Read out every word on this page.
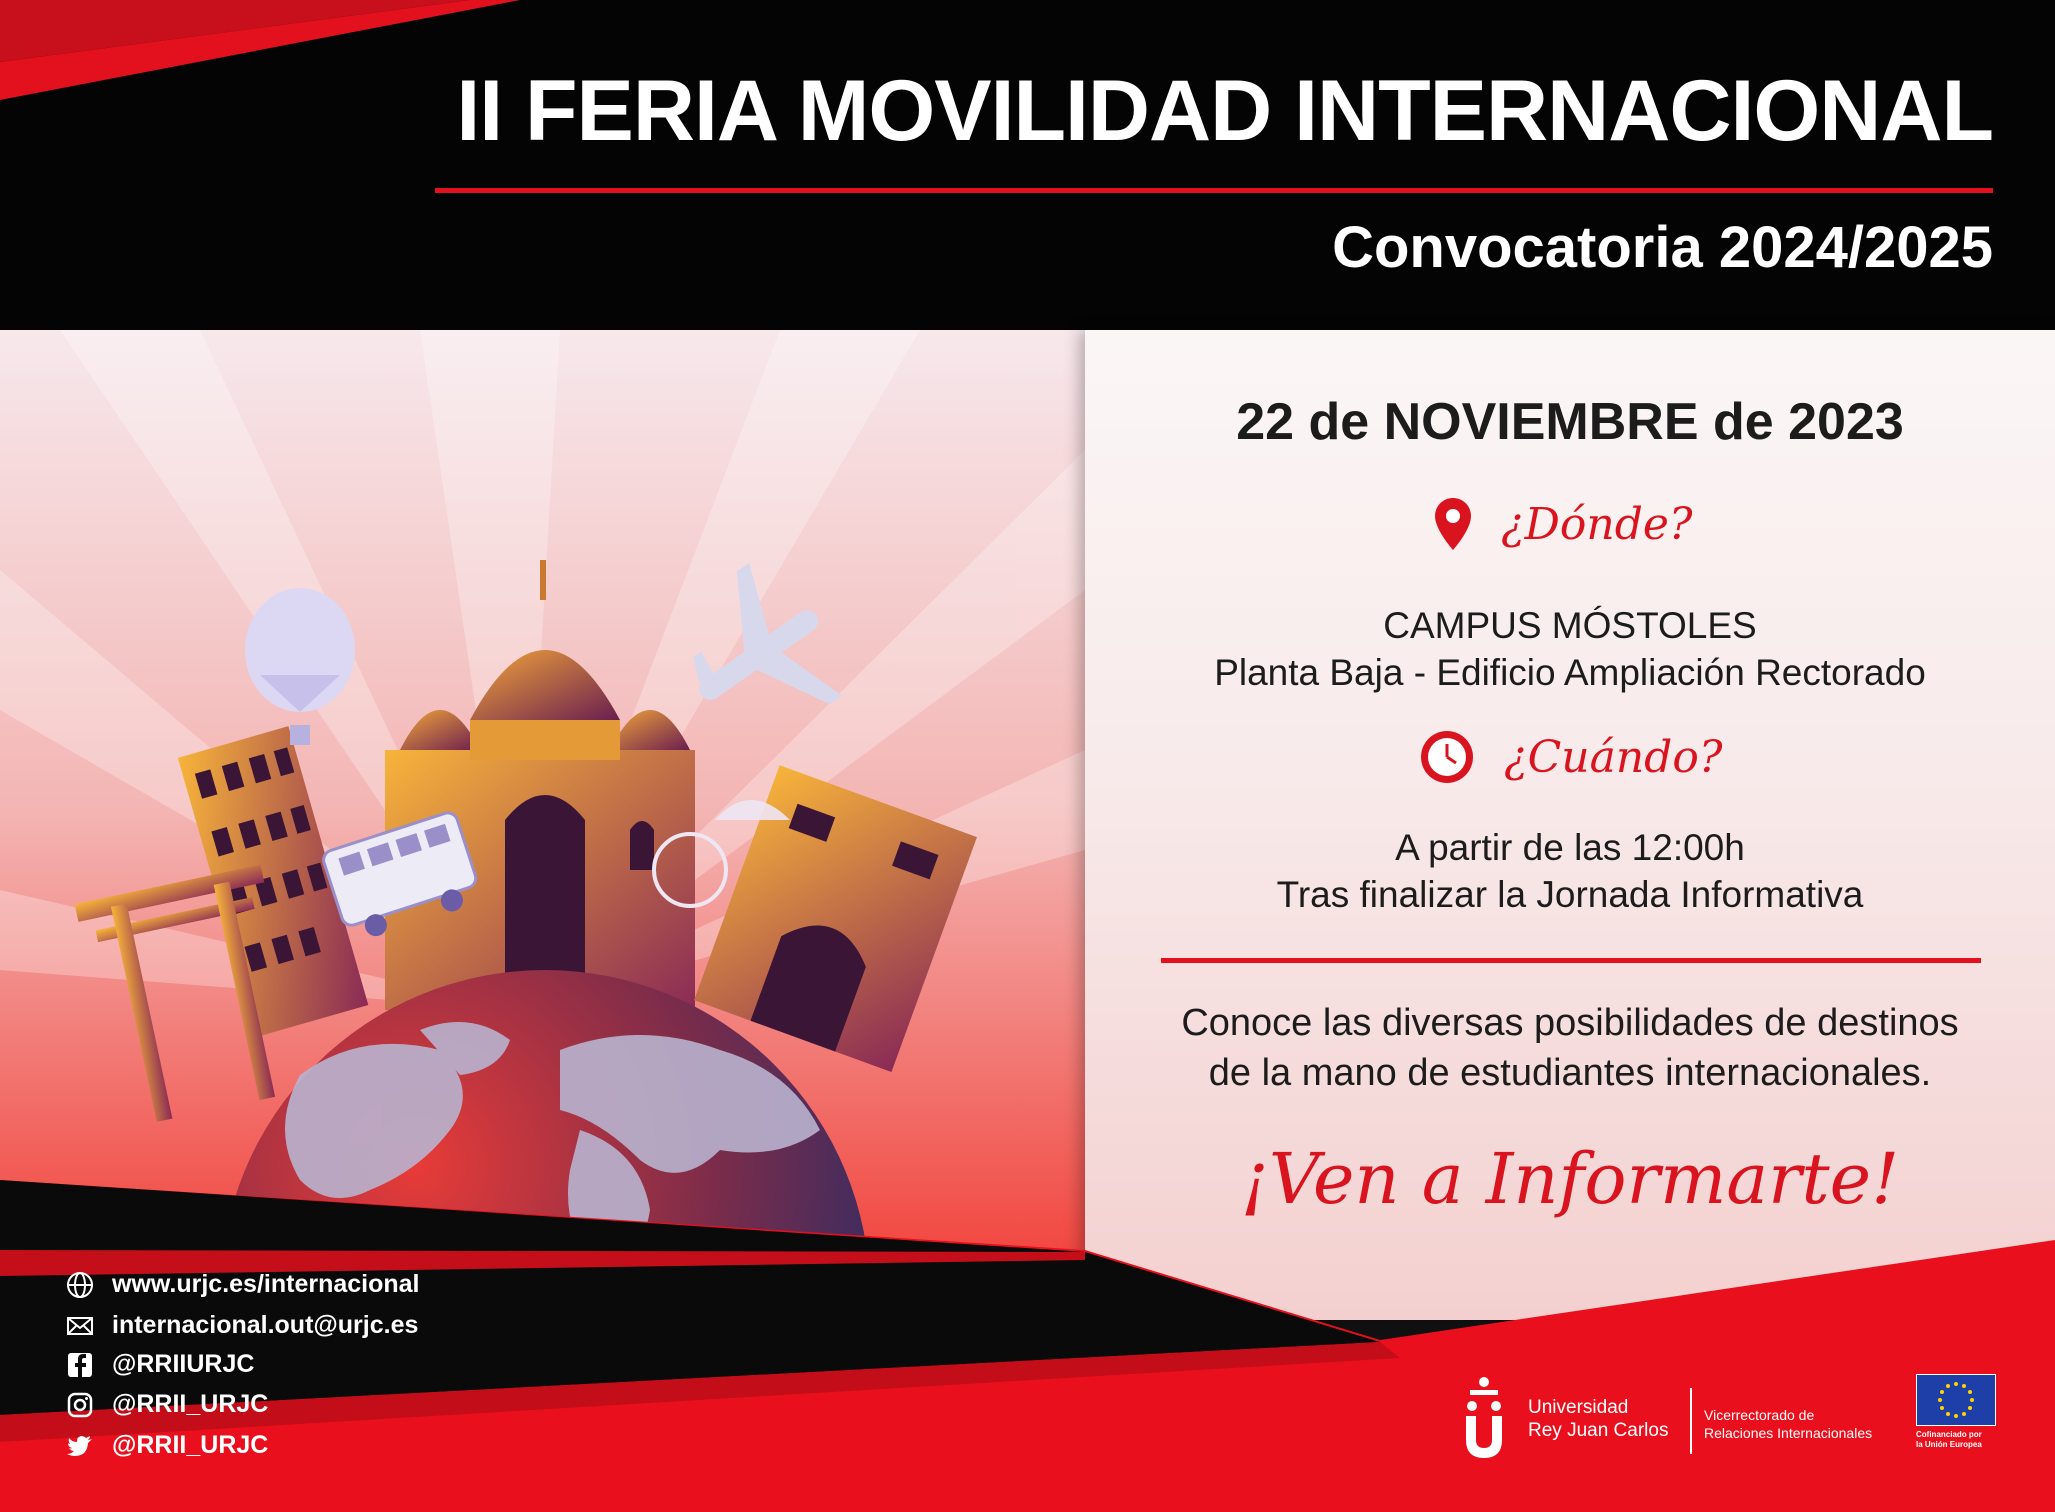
II FERIA MOVILIDAD INTERNACIONAL
Convocatoria 2024/2025
22 de NOVIEMBRE de 2023
¿Dónde?
CAMPUS MÓSTOLES
Planta Baja - Edificio Ampliación Rectorado
¿Cuándo?
A partir de las 12:00h
Tras finalizar la Jornada Informativa
Conoce las diversas posibilidades de destinos
de la mano de estudiantes internacionales.
¡Ven a Informarte!
www.urjc.es/internacional
internacional.out@urjc.es
@RRIIURJC
@RRII_URJC
@RRII_URJC
Universidad
Rey Juan Carlos
Vicerrectorado de
Relaciones Internacionales	Cofinanciado por
la Unión Europea
